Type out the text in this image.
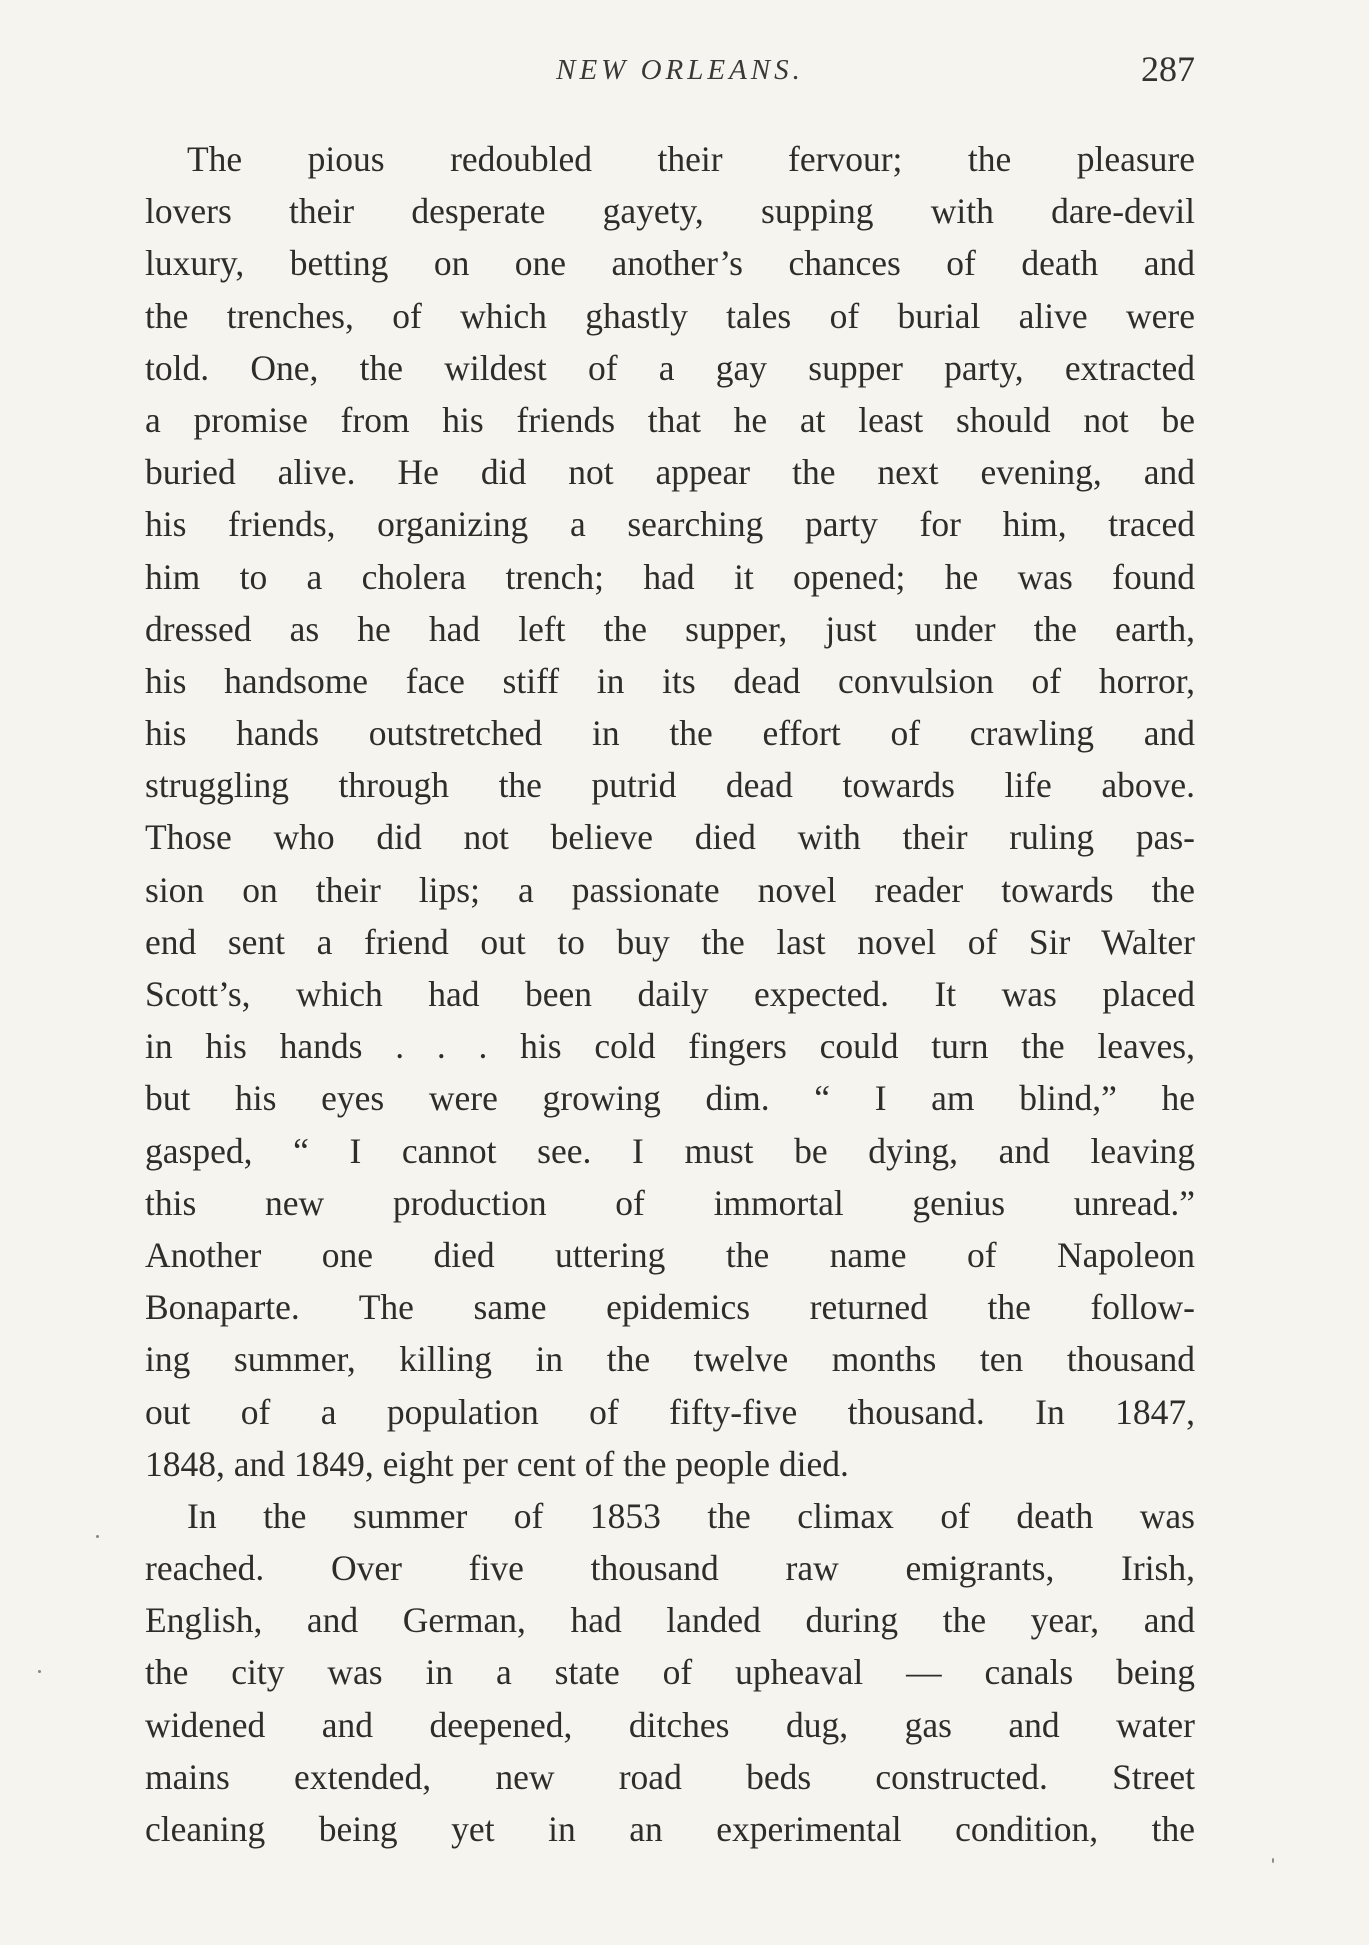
NEW ORLEANS.	287
The pious redoubled their fervour; the pleasure
lovers their desperate gayety, supping with dare-devil
luxury, betting on one another’s chances of death and
the trenches, of which ghastly tales of burial alive were
told. One, the wildest of a gay supper party, extracted
a promise from his friends that he at least should not be
buried alive. He did not appear the next evening, and
his friends, organizing a searching party for him, traced
him to a cholera trench; had it opened; he was found
dressed as he had left the supper, just under the earth,
his handsome face stiff in its dead convulsion of horror,
his hands outstretched in the effort of crawling and
struggling through the putrid dead towards life above.
Those who did not believe died with their ruling pas-
sion on their lips; a passionate novel reader towards the
end sent a friend out to buy the last novel of Sir Walter
Scott’s, which had been daily expected. It was placed
in his hands . . . his cold fingers could turn the leaves,
but his eyes were growing dim. “ I am blind,” he
gasped, “ I cannot see. I must be dying, and leaving
this new production of immortal genius unread.”
Another one died uttering the name of Napoleon
Bonaparte. The same epidemics returned the follow-
ing summer, killing in the twelve months ten thousand
out of a population of fifty-five thousand. In 1847,
1848, and 1849, eight per cent of the people died.
In the summer of 1853 the climax of death was
reached. Over five thousand raw emigrants, Irish,
English, and German, had landed during the year, and
the city was in a state of upheaval — canals being
widened and deepened, ditches dug, gas and water
mains extended, new road beds constructed. Street
cleaning being yet in an experimental condition, the
